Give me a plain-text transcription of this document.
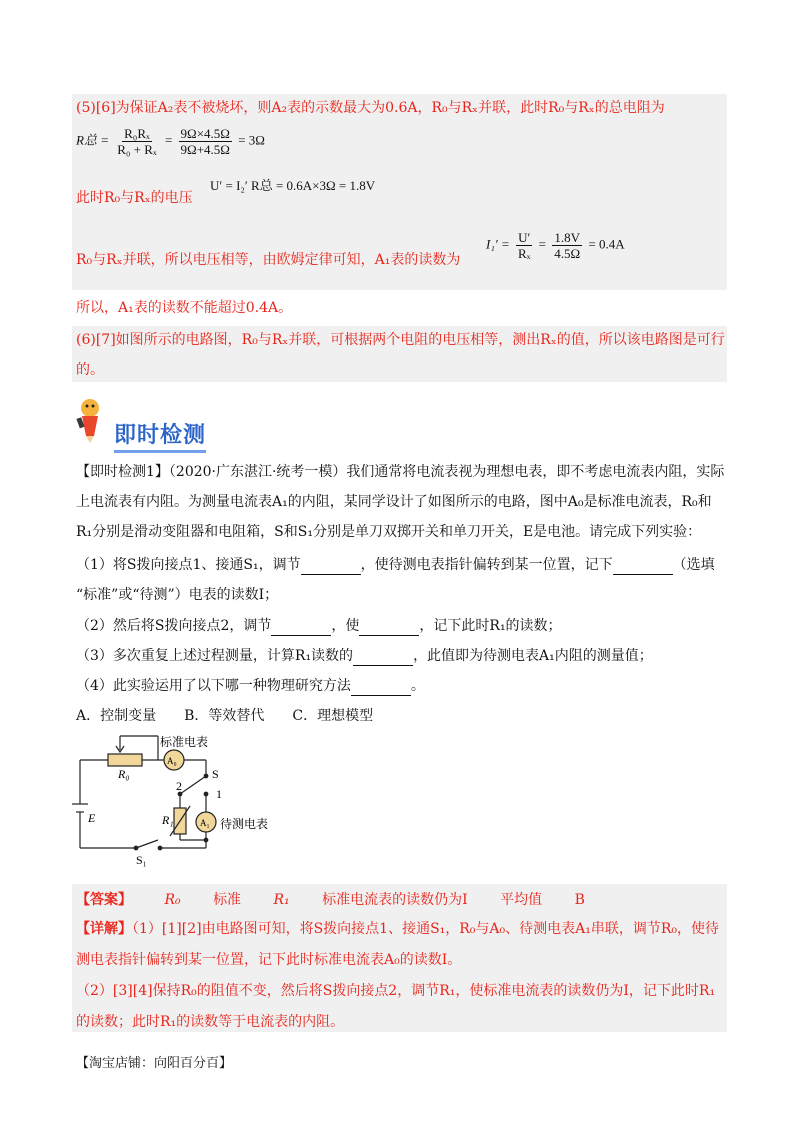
(5)[6]为保证A₂表不被烧坏，则A₂表的示数最大为0.6A，R₀与Rₓ并联，此时R₀与Rₓ的总电阻为
R总 = $\frac{\text{R₀Rₓ}}{\text{R₀ + Rₓ}} = \frac{9\Omega\times 4.5\Omega}{9\Omega+4.5\Omega} = 3\Omega$
此时R₀与Rₓ的电压
U′ = I₂′ R总 = 0.6A×3Ω = 1.8V
R₀与Rₓ并联，所以电压相等，由欧姆定律可知，A₁表的读数为
$I_1' = \frac{U'}{\text{Rₓ}} = \frac{1.8V}{4.5\Omega} = 0.4A$
所以，A₁表的读数不能超过0.4A。
(6)[7]如图所示的电路图，R₀与Rₓ并联，可根据两个电阻的电压相等，测出Rₓ的值，所以该电路图是可行
的。
即时检测
【即时检测1】（2020·广东湛江·统考一模）我们通常将电流表视为理想电表，即不考虑电流表内阻，实际
上电流表有内阻。为测量电流表A₁的内阻，某同学设计了如图所示的电路，图中A₀是标准电流表，R₀和
R₁分别是滑动变阻器和电阻箱，S和S₁分别是单刀双掷开关和单刀开关，E是电池。请完成下列实验：
（1）将S拨向接点1、接通S₁，调节	，使待测电表指针偏转到某一位置，记下	（选填
“标准”或“待测”）电表的读数I；
（2）然后将S拨向接点2，调节	，使	，记下此时R₁的读数；
（3）多次重复上述过程测量，计算R₁读数的	，此值即为待测电表A₁内阻的测量值；
（4）此实验运用了以下哪一种物理研究方法	。
A．控制变量　　B．等效替代　　C．理想模型
标准电表
A₀
R₀	S
2
1
E	R₁	A₁ 待测电表
S₁
【答案】 R₀ 标准 R₁ 标准电流表的读数仍为I 平均值 B
【详解】（1）[1][2]由电路图可知，将S拨向接点1、接通S₁，R₀与A₀、待测电表A₁串联，调节R₀，使待
测电表指针偏转到某一位置，记下此时标准电流表A₀的读数I。
（2）[3][4]保持R₀的阻值不变，然后将S拨向接点2，调节R₁，使标准电流表的读数仍为I，记下此时R₁
的读数；此时R₁的读数等于电流表的内阻。
【淘宝店铺：向阳百分百】
